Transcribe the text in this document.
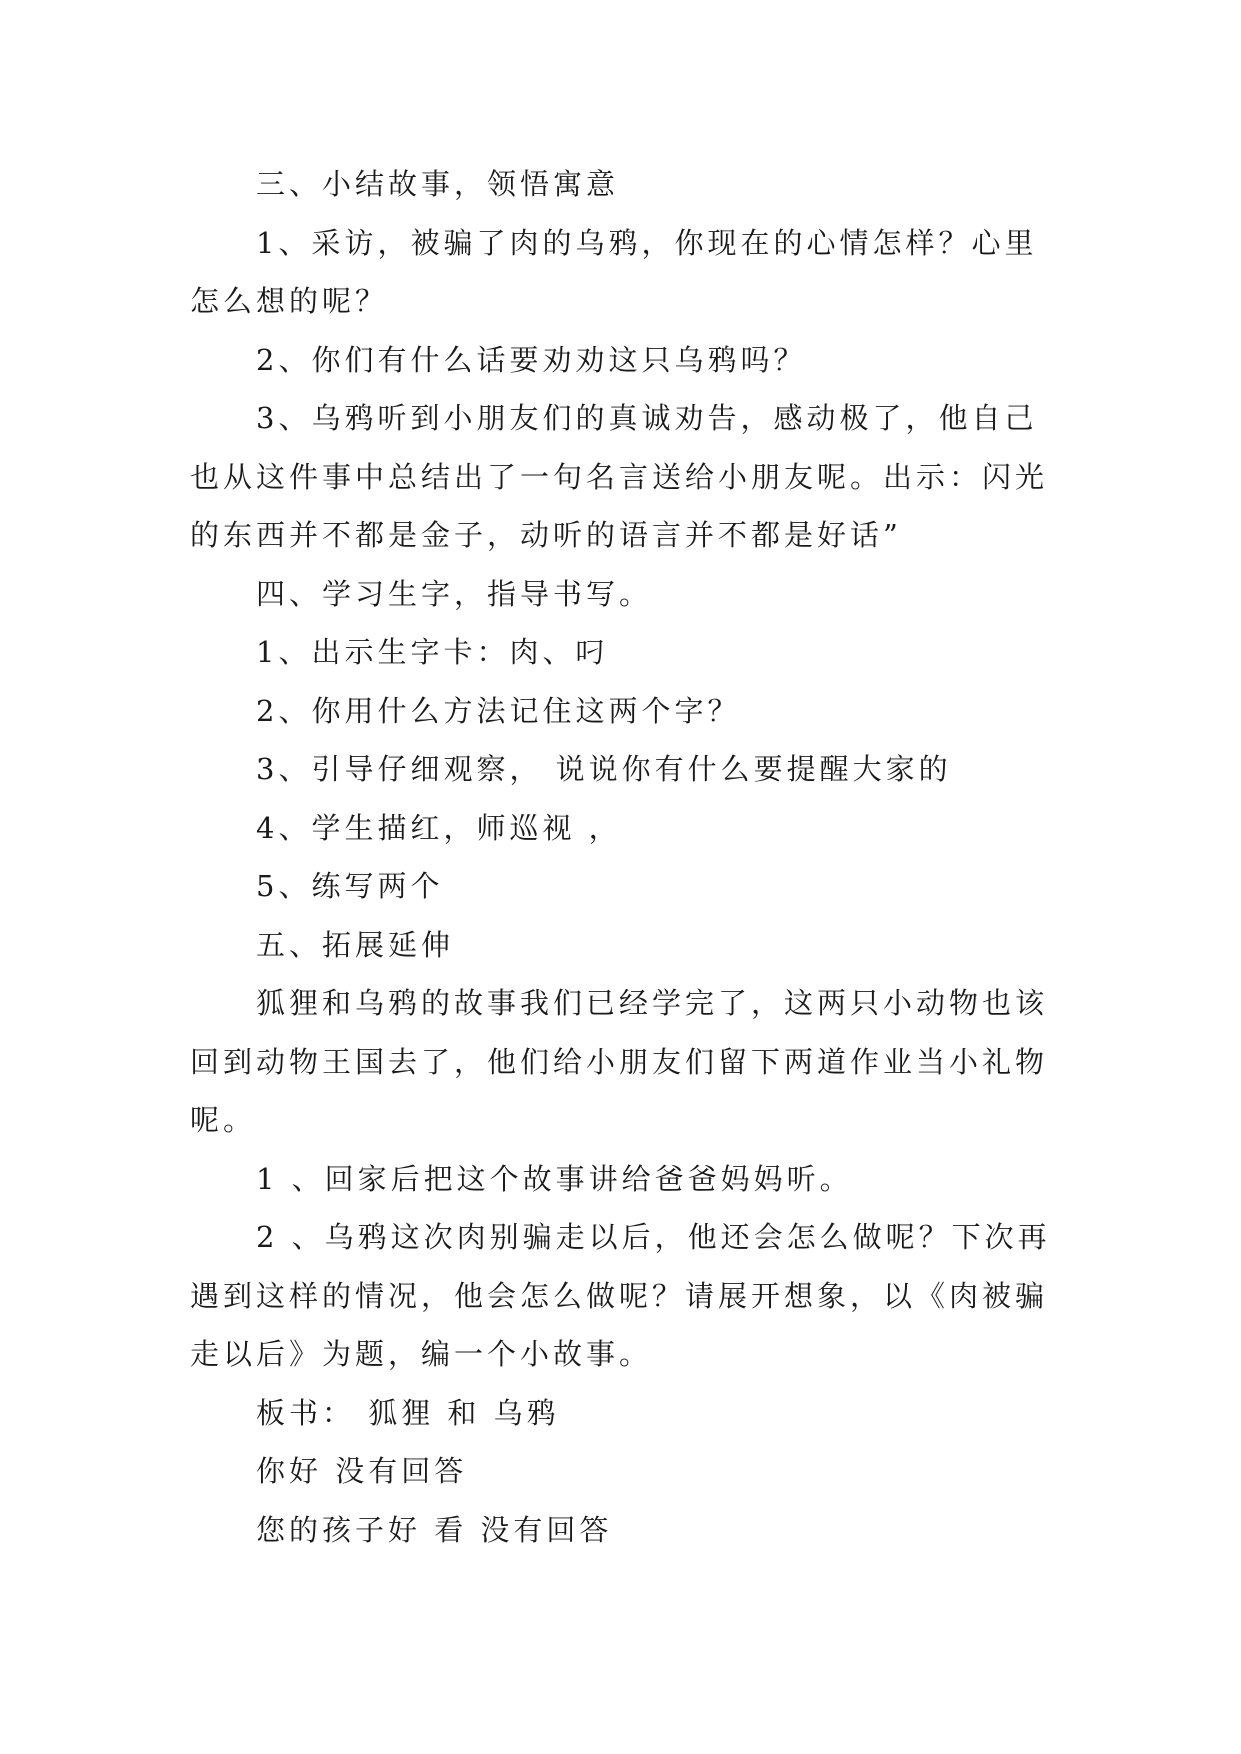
三、小结故事，领悟寓意
1、采访，被骗了肉的乌鸦，你现在的心情怎样？心里
怎么想的呢？
2、你们有什么话要劝劝这只乌鸦吗？
3、乌鸦听到小朋友们的真诚劝告，感动极了，他自己
也从这件事中总结出了一句名言送给小朋友呢。出示：闪光
的东西并不都是金子，动听的语言并不都是好话”
四、学习生字，指导书写。
1、出示生字卡：肉、叼
2、你用什么方法记住这两个字？
3、引导仔细观察， 说说你有什么要提醒大家的
4、学生描红，师巡视 ，
5、练写两个
五、拓展延伸
狐狸和乌鸦的故事我们已经学完了，这两只小动物也该
回到动物王国去了，他们给小朋友们留下两道作业当小礼物
呢。
1 、回家后把这个故事讲给爸爸妈妈听。
2 、乌鸦这次肉别骗走以后，他还会怎么做呢？下次再
遇到这样的情况，他会怎么做呢？请展开想象，以《肉被骗
走以后》为题，编一个小故事。
板书： 狐狸 和 乌鸦
你好 没有回答
您的孩子好 看 没有回答
